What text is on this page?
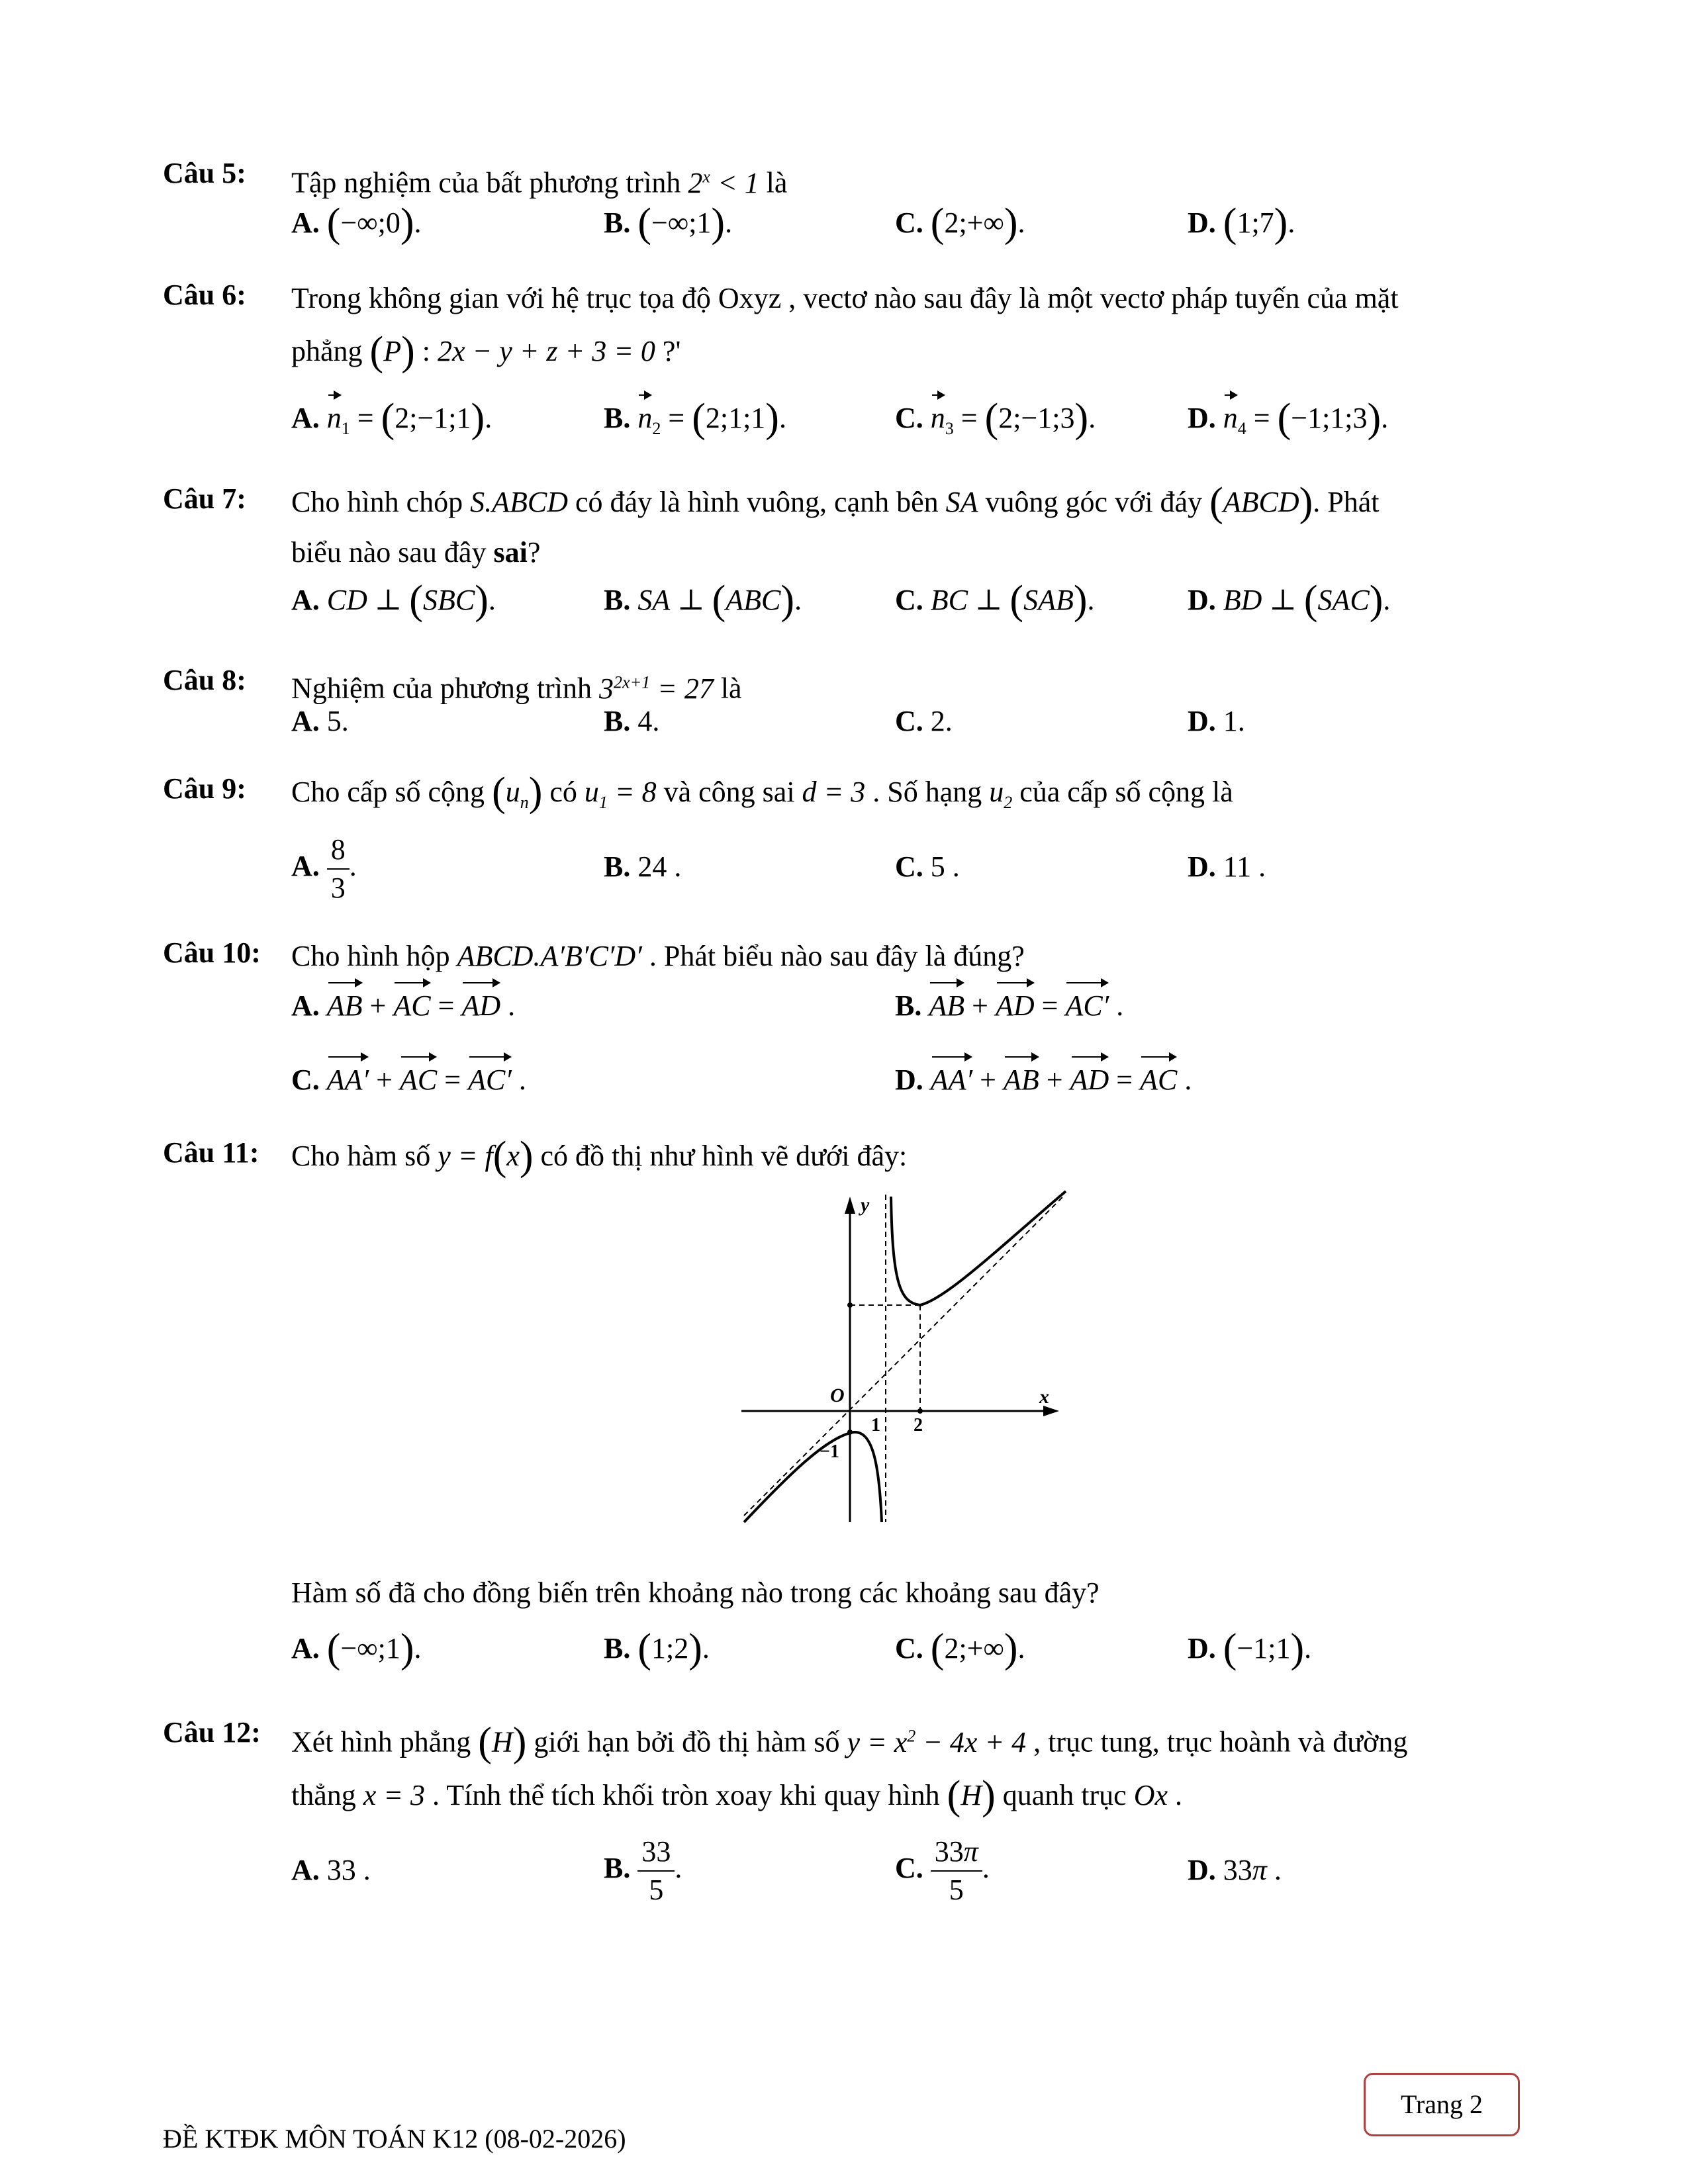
Câu 5: Tập nghiệm của bất phương trình $2^x < 1$ là
A. (−∞;0).	B. (−∞;1).	C. (2;+∞).	D. (1;7).
Câu 6: Trong không gian với hệ trục tọa độ Oxyz , vectơ nào sau đây là một vectơ pháp tuyến của mặt
phẳng (P) : 2x − y + z + 3 = 0 ?'
A. $n_1$ = (2;−1;1).	B. $n_2$ = (2;1;1).	C. $n_3$ = (2;−1;3).	D. $n_4$ = (−1;1;3).
Câu 7: Cho hình chóp S.ABCD có đáy là hình vuông, cạnh bên SA vuông góc với đáy (ABCD). Phát
biểu nào sau đây sai?
A. CD ⊥ (SBC).	B. SA ⊥ (ABC).	C. BC ⊥ (SAB).	D. BD ⊥ (SAC).
Câu 8: Nghiệm của phương trình $3^{2x+1} = 27$ là
A. 5.	B. 4.	C. 2.	D. 1.
Câu 9: Cho cấp số cộng $(u_n)$ có $u_1 = 8$ và công sai d = 3 . Số hạng $u_2$ của cấp số cộng là
A. $\frac{8}{3}$ .	B. 24 .	C. 5 .	D. 11 .
Câu 10: Cho hình hộp ABCD.A′B′C′D′ . Phát biểu nào sau đây là đúng?
A. AB + AC = AD .	B. AB + AD = AC′ .
C. AA′ + AC = AC′ .	D. AA′ + AB + AD = AC .
Câu 11: Cho hàm số y = f(x) có đồ thị như hình vẽ dưới đây:
y
x
O
1 2
−1
Hàm số đã cho đồng biến trên khoảng nào trong các khoảng sau đây?
A. (−∞;1).	B. (1;2).	C. (2;+∞).	D. (−1;1).
Câu 12: Xét hình phẳng (H) giới hạn bởi đồ thị hàm số $y = x^2 - 4x + 4$ , trục tung, trục hoành và đường
thẳng x = 3 . Tính thể tích khối tròn xoay khi quay hình (H) quanh trục Ox .
A. 33 .	B. $\frac{33}{5}$ .	C. $\frac{33\pi}{5}$ .	D. 33π .
Trang 2
ĐỀ KTĐK MÔN TOÁN K12 (08-02-2026)
